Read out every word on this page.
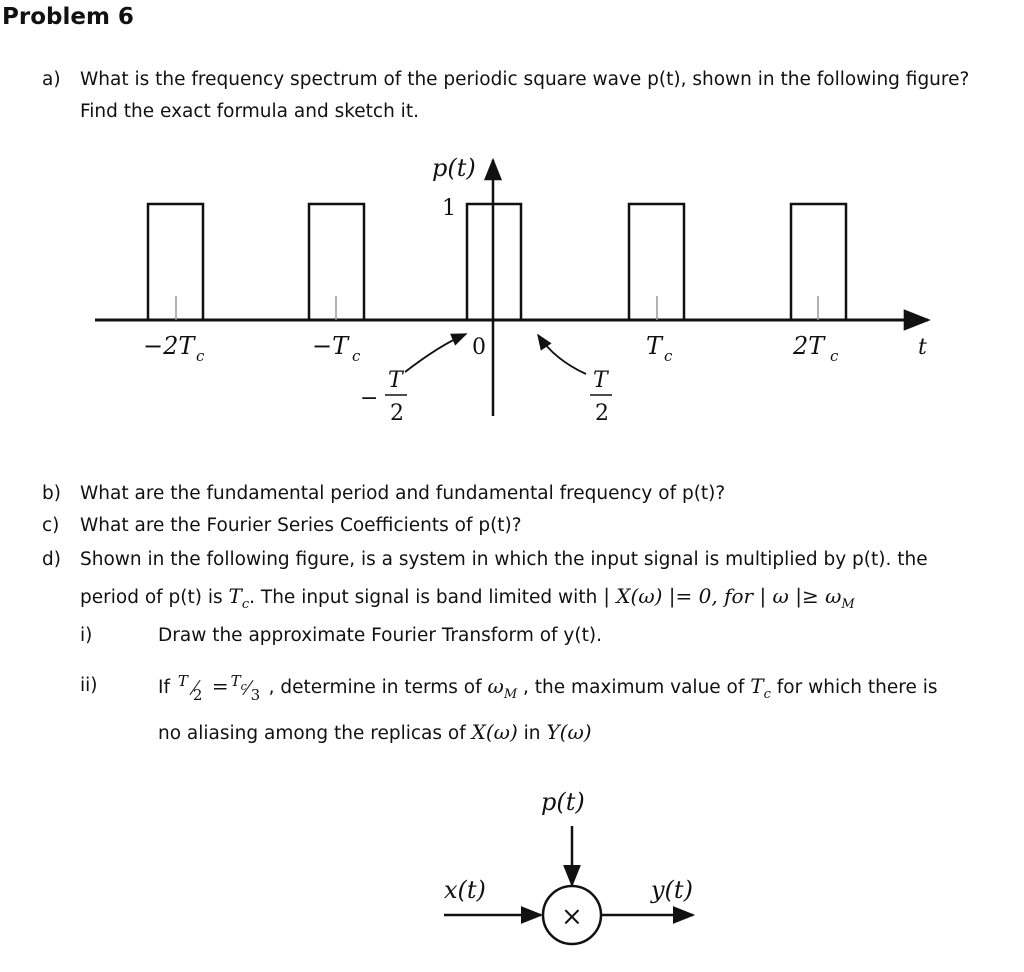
Problem 6
a) What is the frequency spectrum of the periodic square wave p(t), shown in the following figure?
Find the exact formula and sketch it.
p(t)
1
−2T c	−T c	0	T c	2T c	t
−
T
2
T
2
p(t)
×
x(t)	y(t)
b) What are the fundamental period and fundamental frequency of p(t)?
c) What are the Fourier Series Coefficients of p(t)?
d) Shown in the following figure, is a system in which the input signal is multiplied by p(t). the
period of p(t) is $T_c$. The input signal is band limited with | X(ω) |= 0, for | ω |≥ $\omega_M$
i)	Draw the approximate Fourier Transform of y(t).
ii)	If T
$2 = T_c$ 3 , determine in terms of $\omega_M$ , the maximum value of $T_c$ for which there is
no aliasing among the replicas of X(ω) in Y(ω)
